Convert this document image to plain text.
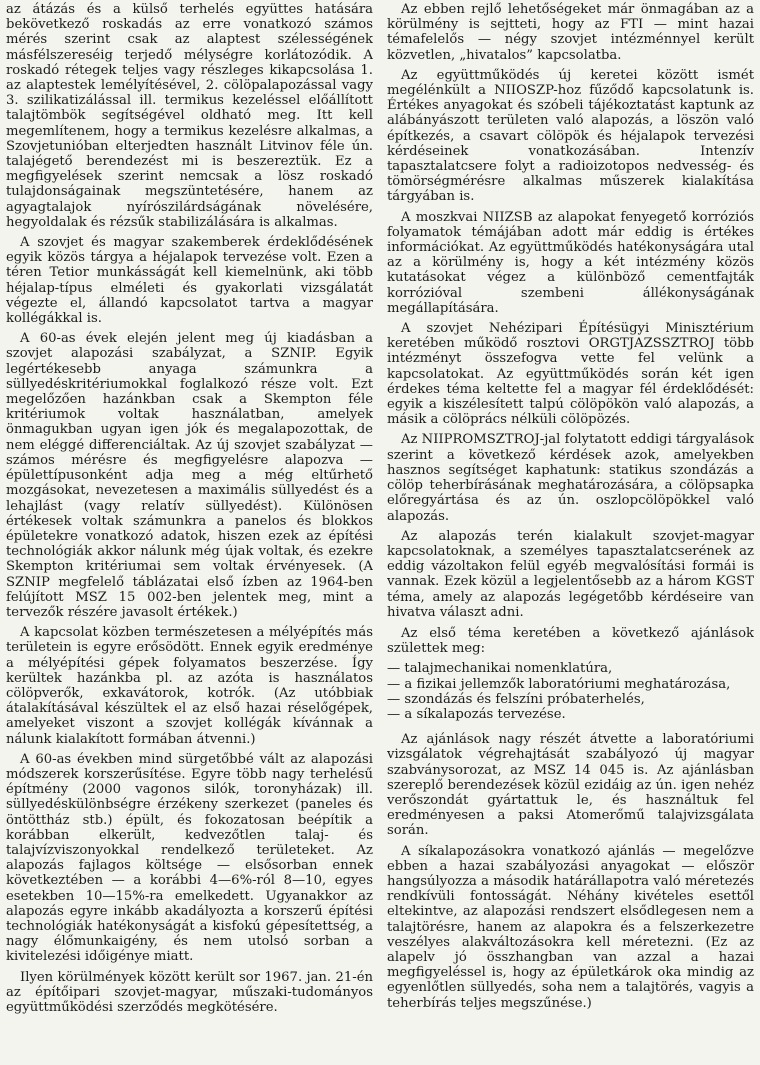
az átázás és a külső terhelés együttes hatására bekövetkező roskadás az erre vonatkozó számos mérés szerint csak az alaptest szélességének másfélszereséig terjedő mélységre korlátozódik. A roskadó rétegek teljes vagy részleges kikapcsolása 1. az alaptestek lemélyítésével, 2. cölöpalapozással vagy 3. szilikatizálással ill. termikus kezeléssel előállított talajtömbök segítségével oldható meg. Itt kell megemlítenem, hogy a termikus kezelésre alkalmas, a Szovjetunióban elterjedten használt Litvinov féle ún. talajégető berendezést mi is beszereztük. Ez a megfigyelések szerint nemcsak a lösz roskadó tulajdonságainak megszüntetésére, hanem az agyagtalajok nyírószilárdságának növelésére, hegyoldalak és rézsűk stabilizálására is alkalmas.

A szovjet és magyar szakemberek érdeklődésének egyik közös tárgya a héjalapok tervezése volt. Ezen a téren Tetior munkásságát kell kiemelnünk, aki több héjalap-típus elméleti és gyakorlati vizsgálatát végezte el, állandó kapcsolatot tartva a magyar kollégákkal is.

A 60-as évek elején jelent meg új kiadásban a szovjet alapozási szabályzat, a SZNIP. Egyik legértékesebb anyaga számunkra a süllyedéskritériumokkal foglalkozó része volt. Ezt megelőzően hazánkban csak a Skempton féle kritériumok voltak használatban, amelyek önmagukban ugyan igen jók és megalapozottak, de nem eléggé differenciáltak. Az új szovjet szabályzat — számos mérésre és megfigyelésre alapozva — épülettípusonként adja meg a még eltűrhető mozgásokat, nevezetesen a maximális süllyedést és a lehajlást (vagy relatív süllyedést). Különösen értékesek voltak számunkra a panelos és blokkos épületekre vonatkozó adatok, hiszen ezek az építési technológiák akkor nálunk még újak voltak, és ezekre Skempton kritériumai sem voltak érvényesek. (A SZNIP megfelelő táblázatai első ízben az 1964-ben felújított MSZ 15 002-ben jelentek meg, mint a tervezők részére javasolt értékek.)

A kapcsolat közben természetesen a mélyépítés más területein is egyre erősödött. Ennek egyik eredménye a mélyépítési gépek folyamatos beszerzése. Így kerültek hazánkba pl. az azóta is használatos cölöpverők, exkavátorok, kotrók. (Az utóbbiak átalakításával készültek el az első hazai réselőgépek, amelyeket viszont a szovjet kollégák kívánnak a nálunk kialakított formában átvenni.)

A 60-as években mind sürgetőbbé vált az alapozási módszerek korszerűsítése. Egyre több nagy terhelésű építmény (2000 vagonos silók, toronyházak) ill. süllyedéskülönbségre érzékeny szerkezet (paneles és öntöttház stb.) épült, és fokozatosan beépítik a korábban elkerült, kedvezőtlen talaj- és talajvízviszonyokkal rendelkező területeket. Az alapozás fajlagos költsége — elsősorban ennek következtében — a korábbi 4—6%-ról 8—10, egyes esetekben 10—15%-ra emelkedett. Ugyanakkor az alapozás egyre inkább akadályozta a korszerű építési technológiák hatékonyságát a kisfokú gépesítettség, a nagy élőmunkaigény, és nem utolsó sorban a kivitelezési időigénye miatt.

Ilyen körülmények között került sor 1967. jan. 21-én az építőipari szovjet-magyar, műszaki-tudományos együttműködési szerződés megkötésére.

Az ebben rejlő lehetőségeket már önmagában az a körülmény is sejtteti, hogy az FTI — mint hazai témafelelős — négy szovjet intézménnyel került közvetlen, „hivatalos” kapcsolatba.

Az együttműködés új keretei között ismét megélénkült a NIIOSZP-hoz fűződő kapcsolatunk is. Értékes anyagokat és szóbeli tájékoztatást kaptunk az alábányászott területen való alapozás, a löszön való építkezés, a csavart cölöpök és héjalapok tervezési kérdéseinek vonatkozásában. Intenzív tapasztalatcsere folyt a radioizotopos nedvesség- és tömörségmérésre alkalmas műszerek kialakítása tárgyában is.

A moszkvai NIIZSB az alapokat fenyegető korróziós folyamatok témájában adott már eddig is értékes információkat. Az együttműködés hatékonyságára utal az a körülmény is, hogy a két intézmény közös kutatásokat végez a különböző cementfajták korrózióval szembeni állékonyságának megállapítására.

A szovjet Nehézipari Építésügyi Minisztérium keretében működő rosztovi ORGTJAZSSZTROJ több intézményt összefogva vette fel velünk a kapcsolatokat. Az együttműködés során két igen érdekes téma keltette fel a magyar fél érdeklődését: egyik a kiszélesített talpú cölöpökön való alapozás, a másik a cölöprács nélküli cölöpözés.

Az NIIPROMSZTROJ-jal folytatott eddigi tárgyalások szerint a következő kérdések azok, amelyekben hasznos segítséget kaphatunk: statikus szondázás a cölöp teherbírásának meghatározására, a cölöpsapka előregyártása és az ún. oszlopcölöpökkel való alapozás.

Az alapozás terén kialakult szovjet-magyar kapcsolatoknak, a személyes tapasztalatcserének az eddig vázoltakon felül egyéb megvalósítási formái is vannak. Ezek közül a legjelentősebb az a három KGST téma, amely az alapozás legégetőbb kérdéseire van hivatva választ adni.

Az első téma keretében a következő ajánlások születtek meg:

— talajmechanikai nomenklatúra,
— a fizikai jellemzők laboratóriumi meghatározása,
— szondázás és felszíni próbaterhelés,
— a síkalapozás tervezése.

Az ajánlások nagy részét átvette a laboratóriumi vizsgálatok végrehajtását szabályozó új magyar szabványsorozat, az MSZ 14 045 is. Az ajánlásban szereplő berendezések közül ezidáig az ún. igen nehéz verőszondát gyártattuk le, és használtuk fel eredményesen a paksi Atomerőmű talajvizsgálata során.

A síkalapozásokra vonatkozó ajánlás — megelőzve ebben a hazai szabályozási anyagokat — először hangsúlyozza a második határállapotra való méretezés rendkívüli fontosságát. Néhány kivételes esettől eltekintve, az alapozási rendszert elsődlegesen nem a talajtörésre, hanem az alapokra és a felszerkezetre veszélyes alakváltozásokra kell méretezni. (Ez az alapelv jó összhangban van azzal a hazai megfigyeléssel is, hogy az épületkárok oka mindig az egyenlőtlen süllyedés, soha nem a talajtörés, vagyis a teherbírás teljes megszűnése.)
